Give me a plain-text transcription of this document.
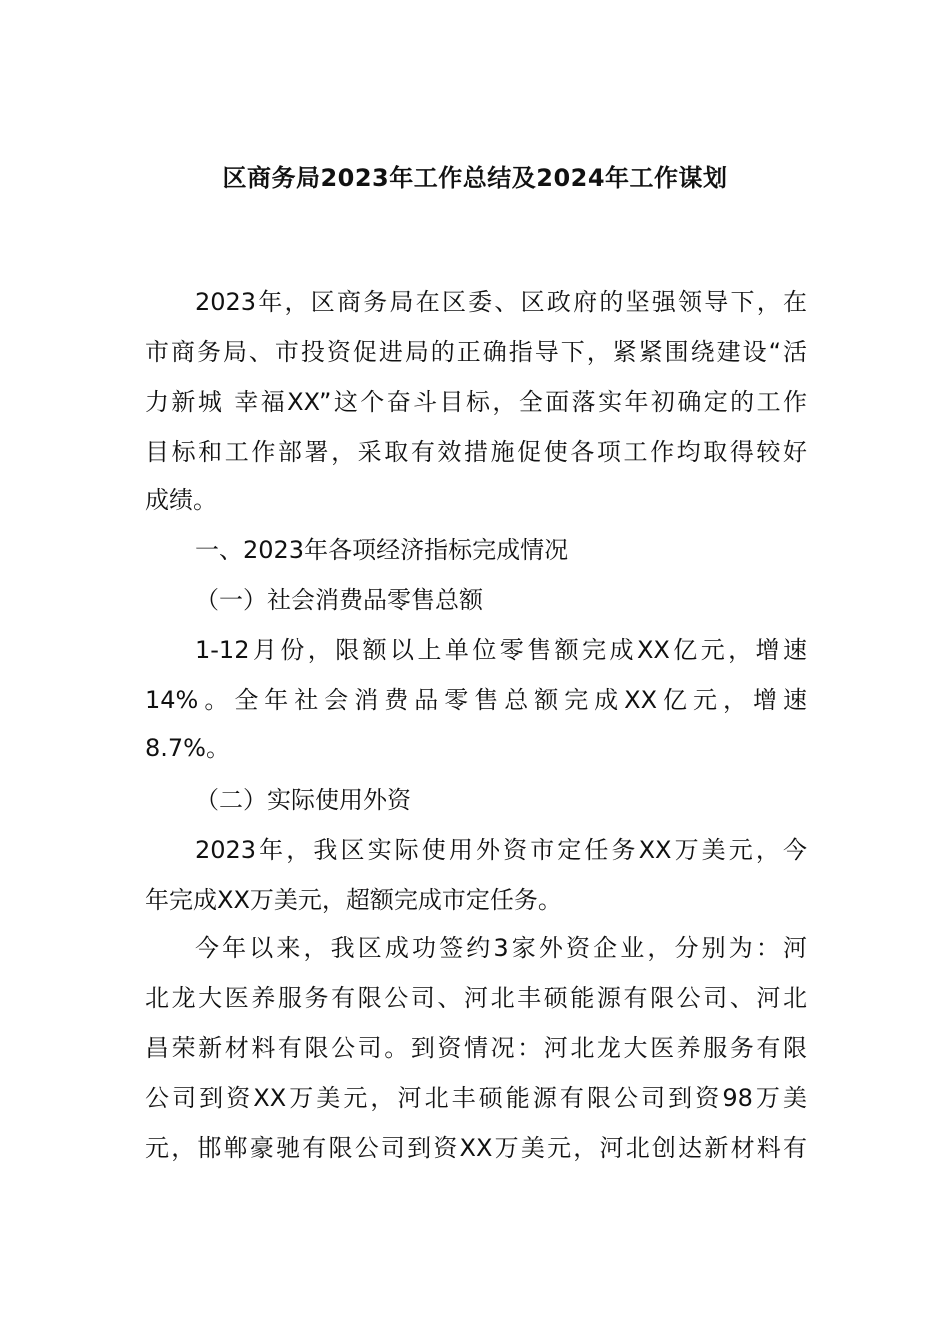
区商务局2023年工作总结及2024年工作谋划

2023年，区商务局在区委、区政府的坚强领导下，在

市商务局、市投资促进局的正确指导下，紧紧围绕建设“活

力新城 幸福XX”这个奋斗目标，全面落实年初确定的工作

目标和工作部署，采取有效措施促使各项工作均取得较好

成绩。

一、2023年各项经济指标完成情况

（一）社会消费品零售总额

1-12月份，限额以上单位零售额完成XX亿元，增速

14%。全年社会消费品零售总额完成XX亿元，增速

8.7%。

（二）实际使用外资

2023年，我区实际使用外资市定任务XX万美元，今

年完成XX万美元，超额完成市定任务。

今年以来，我区成功签约3家外资企业，分别为：河

北龙大医养服务有限公司、河北丰硕能源有限公司、河北

昌荣新材料有限公司。到资情况：河北龙大医养服务有限

公司到资XX万美元，河北丰硕能源有限公司到资98万美

元，邯郸豪驰有限公司到资XX万美元，河北创达新材料有
